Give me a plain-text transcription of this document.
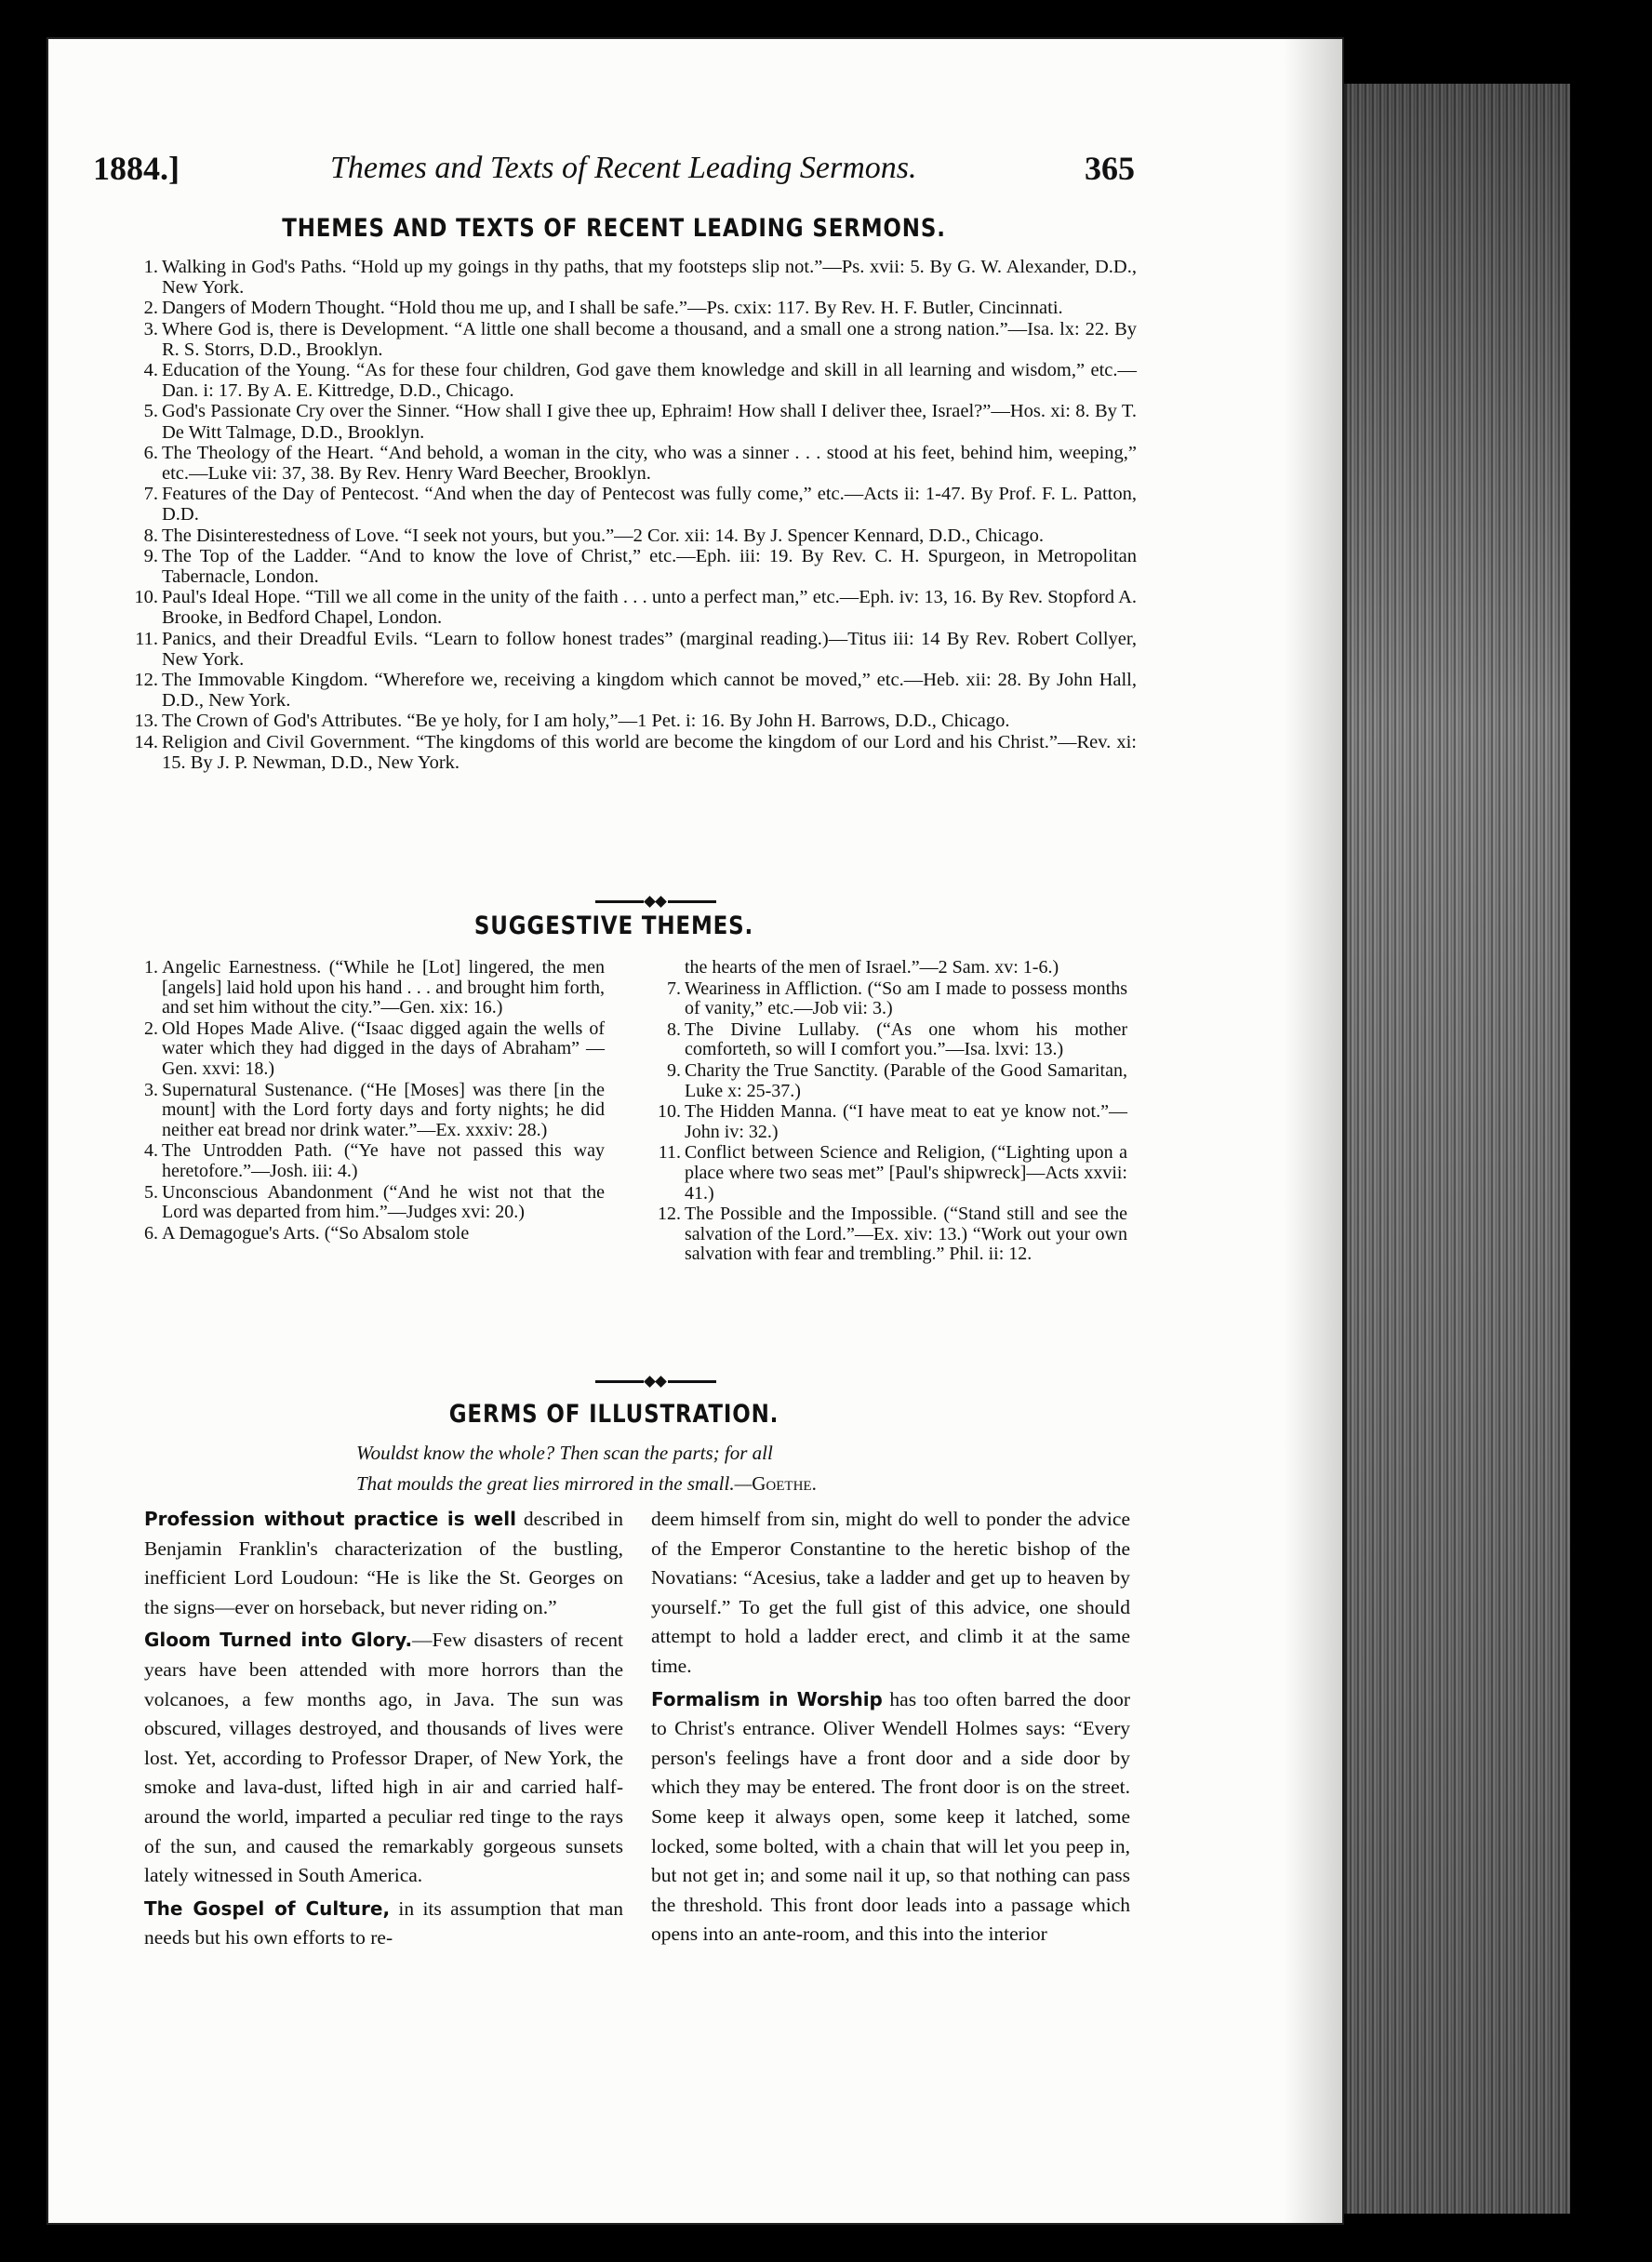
1884.]	Themes and Texts of Recent Leading Sermons.	365
THEMES AND TEXTS OF RECENT LEADING SERMONS.
1. Walking in God's Paths. “Hold up my goings in thy paths, that my footsteps slip not.”—Ps. xvii: 5. By G. W. Alexander, D.D., New York.
2. Dangers of Modern Thought. “Hold thou me up, and I shall be safe.”—Ps. cxix: 117. By Rev. H. F. Butler, Cincinnati.
3. Where God is, there is Development. “A little one shall become a thousand, and a small one a strong nation.”—Isa. lx: 22. By R. S. Storrs, D.D., Brooklyn.
4. Education of the Young. “As for these four children, God gave them knowledge and skill in all learning and wisdom,” etc.—Dan. i: 17. By A. E. Kittredge, D.D., Chicago.
5. God's Passionate Cry over the Sinner. “How shall I give thee up, Ephraim! How shall I deliver thee, Israel?”—Hos. xi: 8. By T. De Witt Talmage, D.D., Brooklyn.
6. The Theology of the Heart. “And behold, a woman in the city, who was a sinner . . . stood at his feet, behind him, weeping,” etc.—Luke vii: 37, 38. By Rev. Henry Ward Beecher, Brooklyn.
7. Features of the Day of Pentecost. “And when the day of Pentecost was fully come,” etc.—Acts ii: 1-47. By Prof. F. L. Patton, D.D.
8. The Disinterestedness of Love. “I seek not yours, but you.”—2 Cor. xii: 14. By J. Spencer Kennard, D.D., Chicago.
9. The Top of the Ladder. “And to know the love of Christ,” etc.—Eph. iii: 19. By Rev. C. H. Spurgeon, in Metropolitan Tabernacle, London.
10. Paul's Ideal Hope. “Till we all come in the unity of the faith . . . unto a perfect man,” etc.—Eph. iv: 13, 16. By Rev. Stopford A. Brooke, in Bedford Chapel, London.
11. Panics, and their Dreadful Evils. “Learn to follow honest trades” (marginal reading.)—Titus iii: 14 By Rev. Robert Collyer, New York.
12. The Immovable Kingdom. “Wherefore we, receiving a kingdom which cannot be moved,” etc.—Heb. xii: 28. By John Hall, D.D., New York.
13. The Crown of God's Attributes. “Be ye holy, for I am holy,”—1 Pet. i: 16. By John H. Barrows, D.D., Chicago.
14. Religion and Civil Government. “The kingdoms of this world are become the kingdom of our Lord and his Christ.”—Rev. xi: 15. By J. P. Newman, D.D., New York.
SUGGESTIVE THEMES.
1. Angelic Earnestness. (“While he [Lot] lingered, the men [angels] laid hold upon his hand . . . and brought him forth, and set him without the city.”—Gen. xix: 16.)
2. Old Hopes Made Alive. (“Isaac digged again the wells of water which they had digged in the days of Abraham” —Gen. xxvi: 18.)
3. Supernatural Sustenance. (“He [Moses] was there [in the mount] with the Lord forty days and forty nights; he did neither eat bread nor drink water.”—Ex. xxxiv: 28.)
4. The Untrodden Path. (“Ye have not passed this way heretofore.”—Josh. iii: 4.)
5. Unconscious Abandonment (“And he wist not that the Lord was departed from him.”—Judges xvi: 20.)
6. A Demagogue's Arts. (“So Absalom stole
the hearts of the men of Israel.”—2 Sam. xv: 1-6.)
7. Weariness in Affliction. (“So am I made to possess months of vanity,” etc.—Job vii: 3.)
8. The Divine Lullaby. (“As one whom his mother comforteth, so will I comfort you.”—Isa. lxvi: 13.)
9. Charity the True Sanctity. (Parable of the Good Samaritan, Luke x: 25-37.)
10. The Hidden Manna. (“I have meat to eat ye know not.”—John iv: 32.)
11. Conflict between Science and Religion, (“Lighting upon a place where two seas met” [Paul's shipwreck]—Acts xxvii: 41.)
12. The Possible and the Impossible. (“Stand still and see the salvation of the Lord.”—Ex. xiv: 13.) “Work out your own salvation with fear and trembling.” Phil. ii: 12.
GERMS OF ILLUSTRATION.
Wouldst know the whole? Then scan the parts; for all
That moulds the great lies mirrored in the small.—Goethe.

Profession without practice is well described in Benjamin Franklin's characterization of the bustling, inefficient Lord Loudoun: “He is like the St. Georges on the signs—ever on horseback, but never riding on.”

Gloom Turned into Glory.—Few disasters of recent years have been attended with more horrors than the volcanoes, a few months ago, in Java. The sun was obscured, villages destroyed, and thousands of lives were lost. Yet, according to Professor Draper, of New York, the smoke and lava-dust, lifted high in air and carried half-around the world, imparted a peculiar red tinge to the rays of the sun, and caused the remarkably gorgeous sunsets lately witnessed in South America.

The Gospel of Culture, in its assumption that man needs but his own efforts to re-

deem himself from sin, might do well to ponder the advice of the Emperor Constantine to the heretic bishop of the Novatians: “Acesius, take a ladder and get up to heaven by yourself.” To get the full gist of this advice, one should attempt to hold a ladder erect, and climb it at the same time.

Formalism in Worship has too often barred the door to Christ's entrance. Oliver Wendell Holmes says: “Every person's feelings have a front door and a side door by which they may be entered. The front door is on the street. Some keep it always open, some keep it latched, some locked, some bolted, with a chain that will let you peep in, but not get in; and some nail it up, so that nothing can pass the threshold. This front door leads into a passage which opens into an ante-room, and this into the interior
